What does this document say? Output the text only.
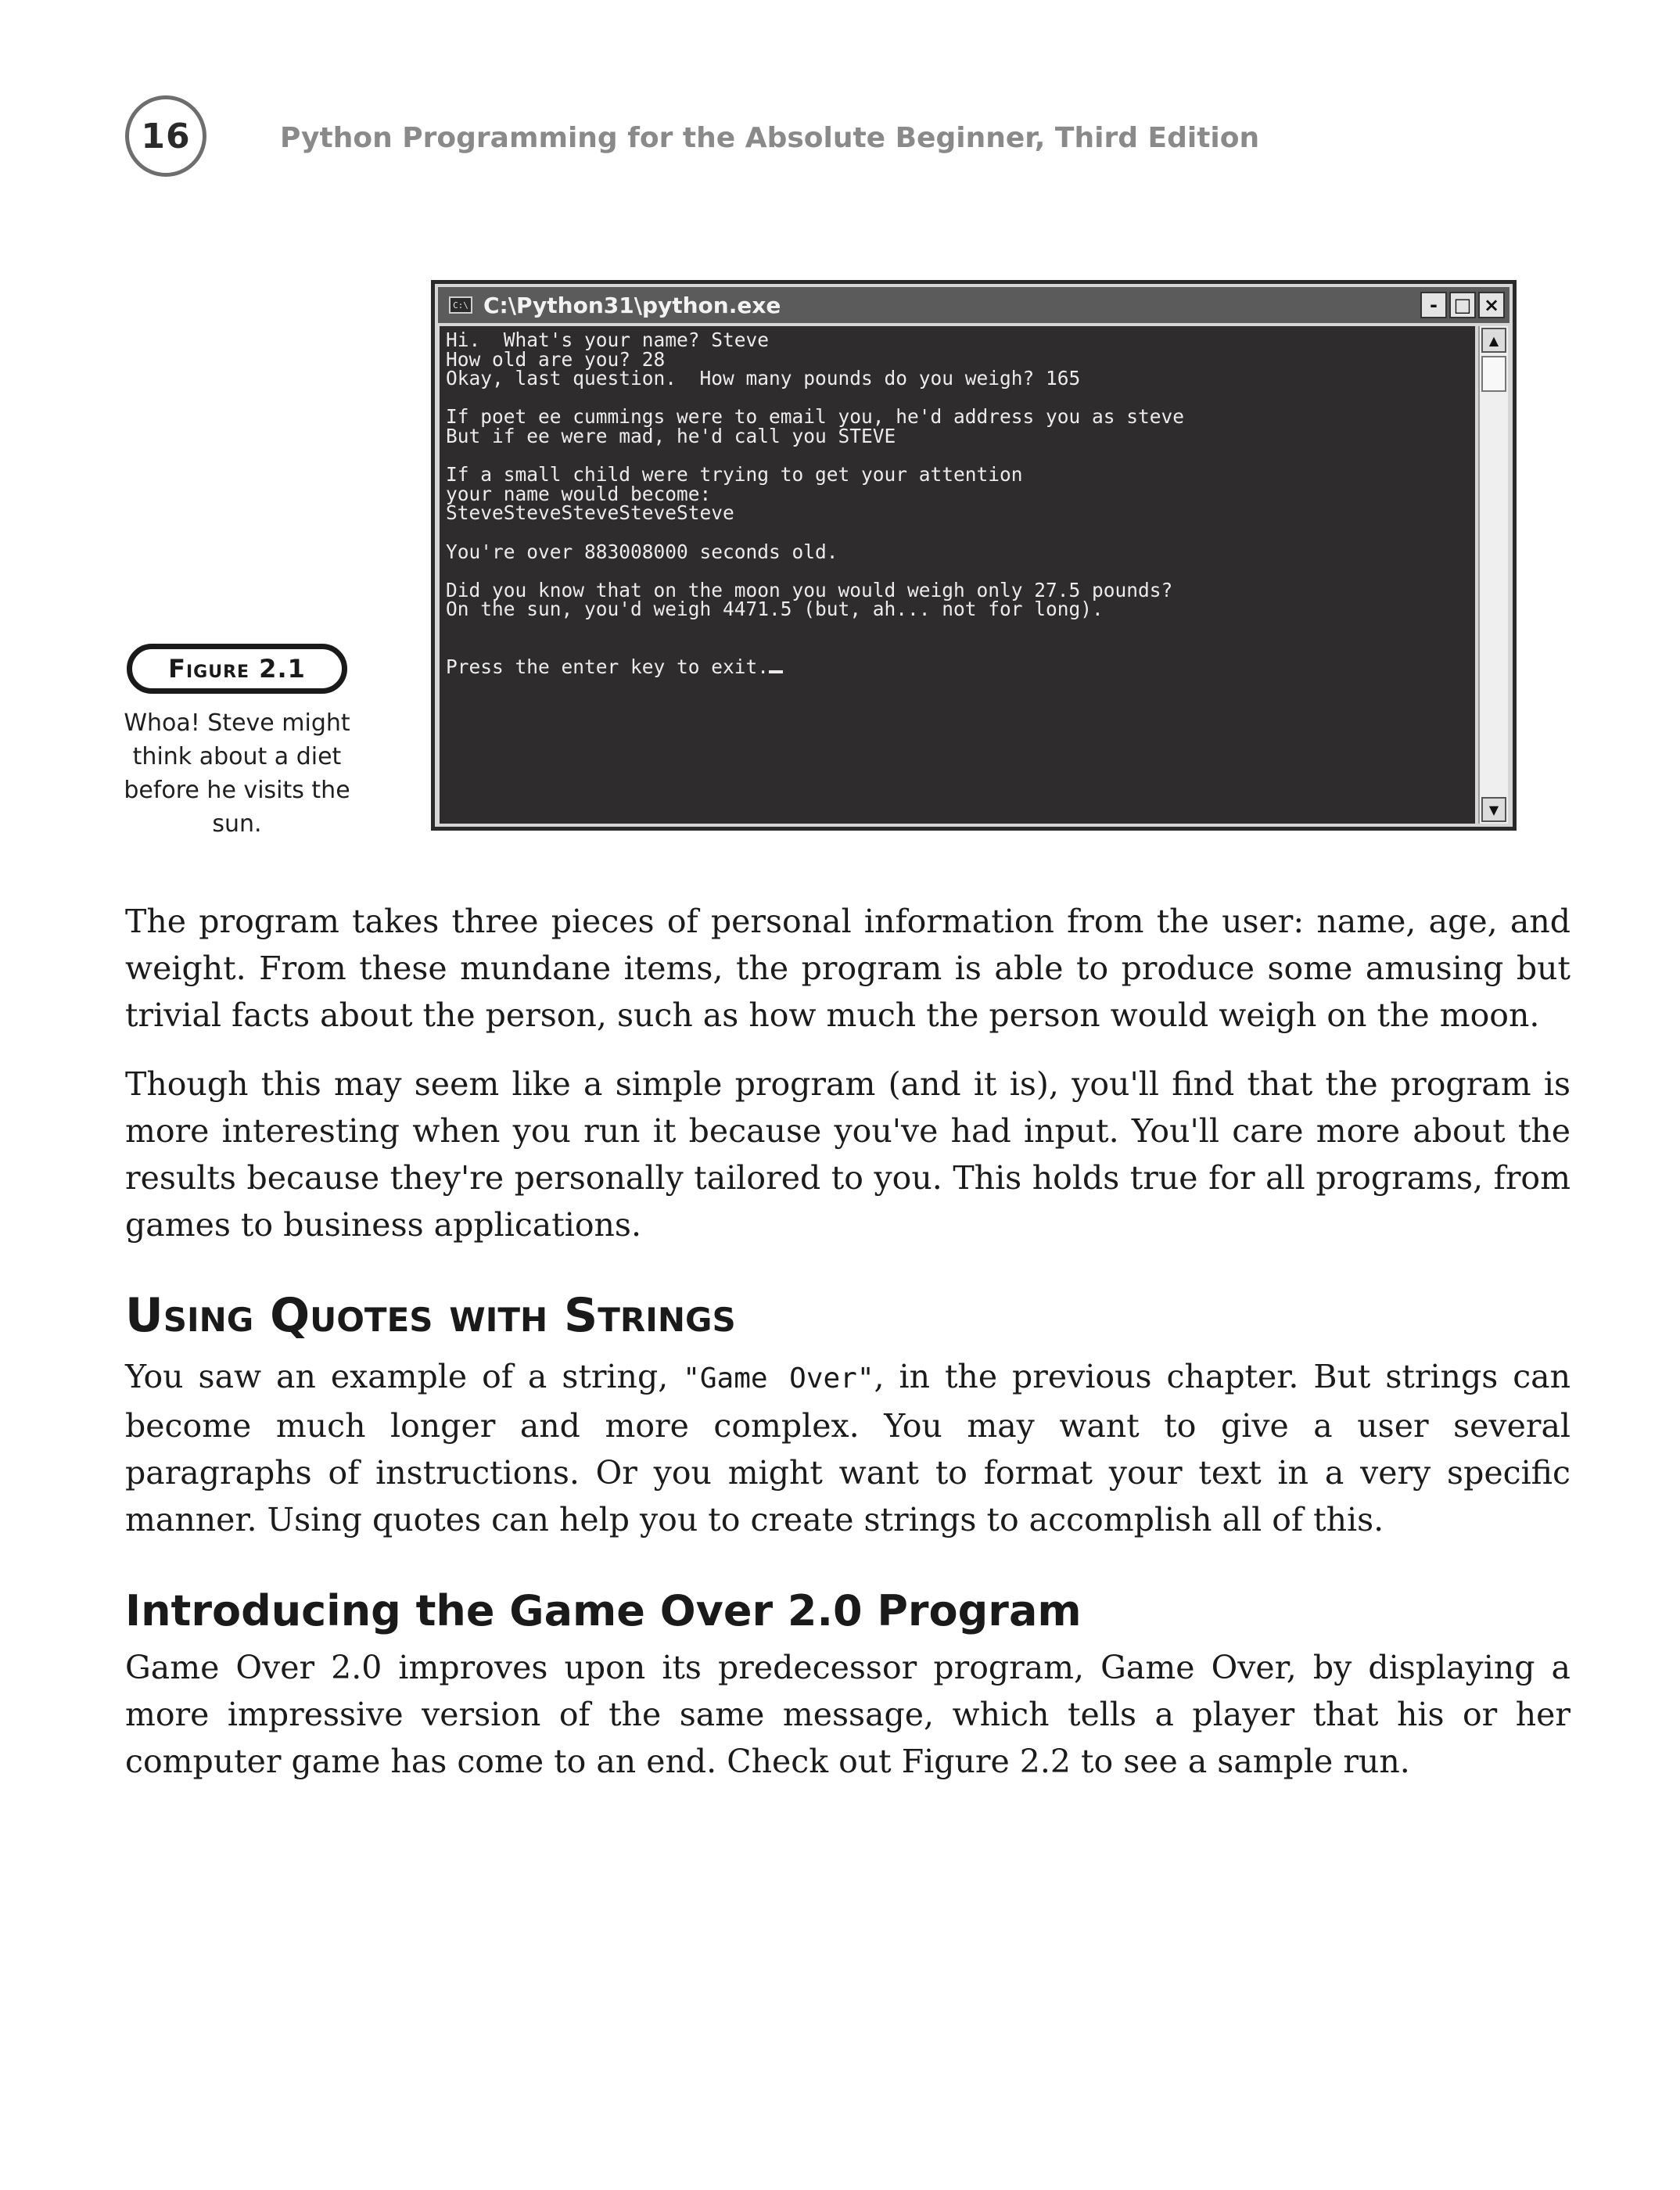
16	Python Programming for the Absolute Beginner, Third Edition
C:\ C:\Python31\python.exe	- □ ×
Hi.  What's your name? Steve
How old are you? 28
Okay, last question.  How many pounds do you weigh? 165

If poet ee cummings were to email you, he'd address you as steve
But if ee were mad, he'd call you STEVE

If a small child were trying to get your attention
your name would become:
SteveSteveSteveSteveSteve

You're over 883008000 seconds old.

Did you know that on the moon you would weigh only 27.5 pounds?
On the sun, you'd weigh 4471.5 (but, ah... not for long).

Press the enter key to exit.
▲
▼
Figure 2.1
Whoa! Steve might think about a diet before he visits the sun.

The program takes three pieces of personal information from the user: name, age, and weight. From these mundane items, the program is able to produce some amusing but trivial facts about the person, such as how much the person would weigh on the moon.

Though this may seem like a simple program (and it is), you'll find that the program is more interesting when you run it because you've had input. You'll care more about the results because they're personally tailored to you. This holds true for all programs, from games to business applications.

Using Quotes with Strings

You saw an example of a string, "Game Over", in the previous chapter. But strings can become much longer and more complex. You may want to give a user several paragraphs of instructions. Or you might want to format your text in a very specific manner. Using quotes can help you to create strings to accomplish all of this.

Introducing the Game Over 2.0 Program

Game Over 2.0 improves upon its predecessor program, Game Over, by displaying a more impressive version of the same message, which tells a player that his or her computer game has come to an end. Check out Figure 2.2 to see a sample run.
